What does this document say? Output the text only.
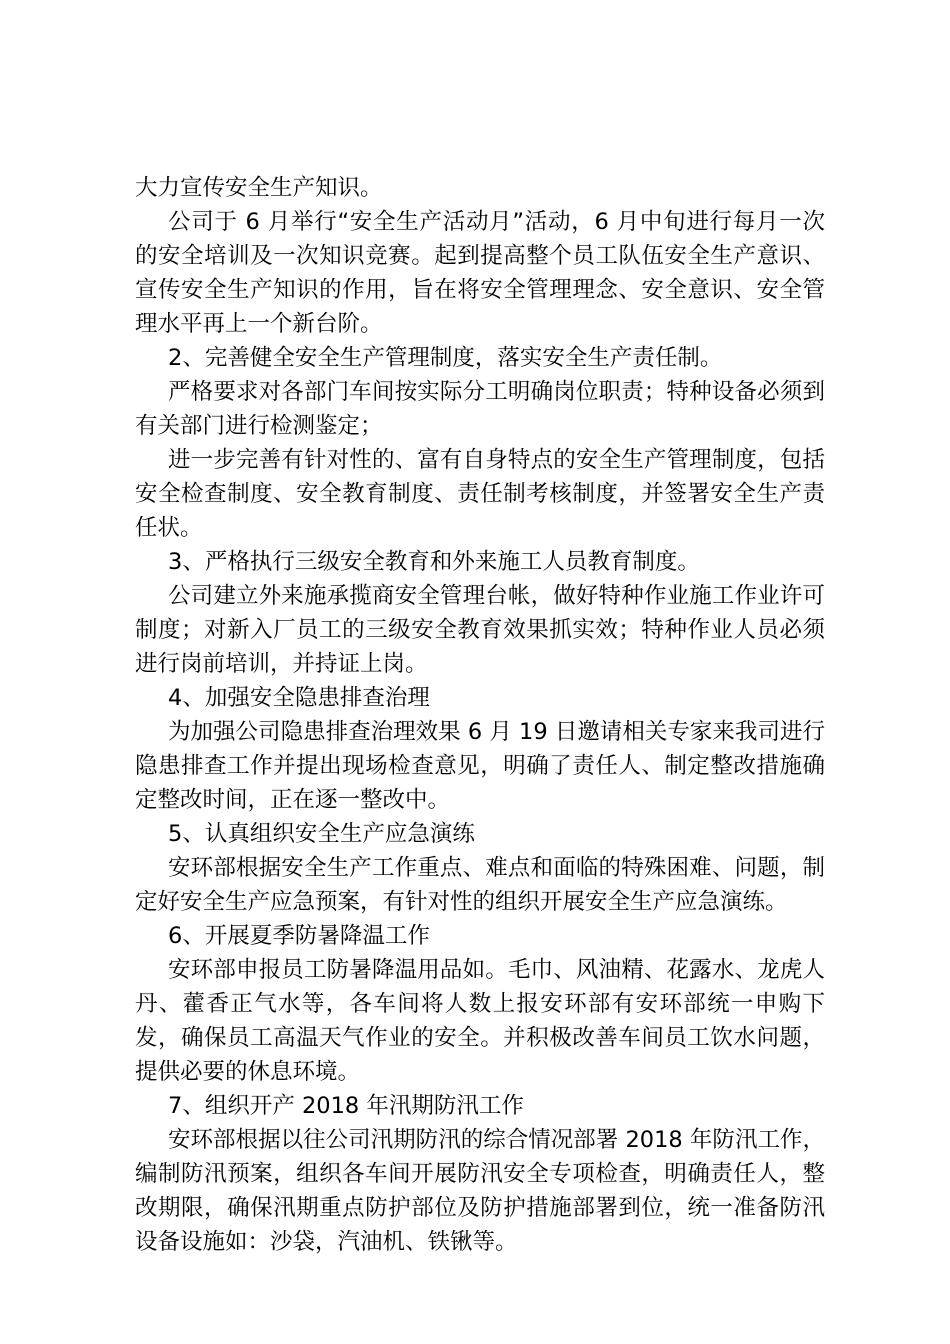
大力宣传安全生产知识。

公司于 6 月举行“安全生产活动月”活动，6 月中旬进行每月一次的安全培训及一次知识竞赛。起到提高整个员工队伍安全生产意识、宣传安全生产知识的作用，旨在将安全管理理念、安全意识、安全管理水平再上一个新台阶。

2、完善健全安全生产管理制度，落实安全生产责任制。

严格要求对各部门车间按实际分工明确岗位职责；特种设备必须到有关部门进行检测鉴定；

进一步完善有针对性的、富有自身特点的安全生产管理制度，包括安全检查制度、安全教育制度、责任制考核制度，并签署安全生产责任状。

3、严格执行三级安全教育和外来施工人员教育制度。

公司建立外来施承揽商安全管理台帐，做好特种作业施工作业许可制度；对新入厂员工的三级安全教育效果抓实效；特种作业人员必须进行岗前培训，并持证上岗。

4、加强安全隐患排查治理

为加强公司隐患排查治理效果 6 月 19 日邀请相关专家来我司进行隐患排查工作并提出现场检查意见，明确了责任人、制定整改措施确定整改时间，正在逐一整改中。

5、认真组织安全生产应急演练

安环部根据安全生产工作重点、难点和面临的特殊困难、问题，制定好安全生产应急预案，有针对性的组织开展安全生产应急演练。

6、开展夏季防暑降温工作

安环部申报员工防暑降温用品如。毛巾、风油精、花露水、龙虎人丹、藿香正气水等，各车间将人数上报安环部有安环部统一申购下发，确保员工高温天气作业的安全。并积极改善车间员工饮水问题，提供必要的休息环境。

7、组织开产 2018 年汛期防汛工作

安环部根据以往公司汛期防汛的综合情况部署 2018 年防汛工作，编制防汛预案，组织各车间开展防汛安全专项检查，明确责任人，整改期限，确保汛期重点防护部位及防护措施部署到位，统一准备防汛设备设施如：沙袋，汽油机、铁锹等。
